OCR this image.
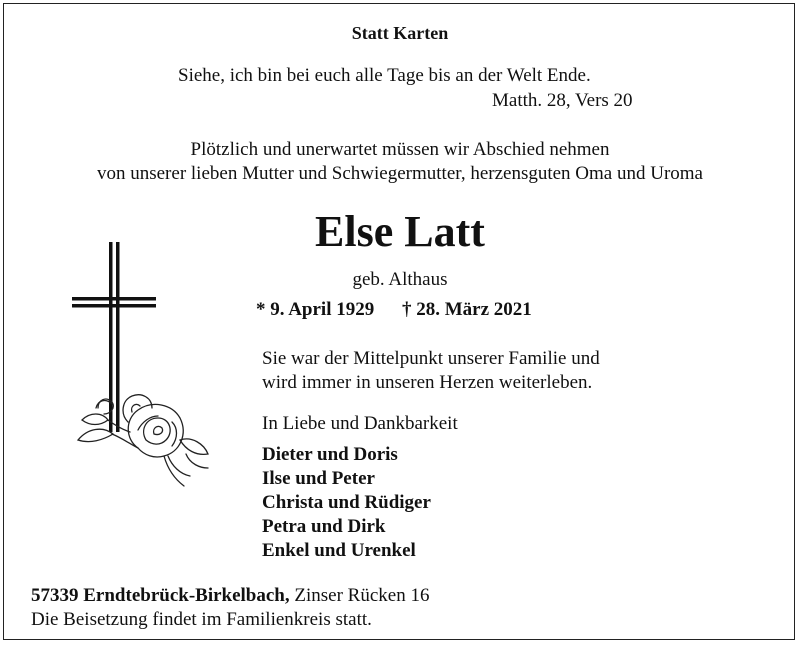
Statt Karten
Siehe, ich bin bei euch alle Tage bis an der Welt Ende.
Matth. 28, Vers 20
Plötzlich und unerwartet müssen wir Abschied nehmen
von unserer lieben Mutter und Schwiegermutter, herzensguten Oma und Uroma
Else Latt
geb. Althaus
* 9. April 1929 † 28. März 2021
Sie war der Mittelpunkt unserer Familie und
wird immer in unseren Herzen weiterleben.
In Liebe und Dankbarkeit
Dieter und Doris
Ilse und Peter
Christa und Rüdiger
Petra und Dirk
Enkel und Urenkel
57339 Erndtebrück-Birkelbach, Zinser Rücken 16
Die Beisetzung findet im Familienkreis statt.
